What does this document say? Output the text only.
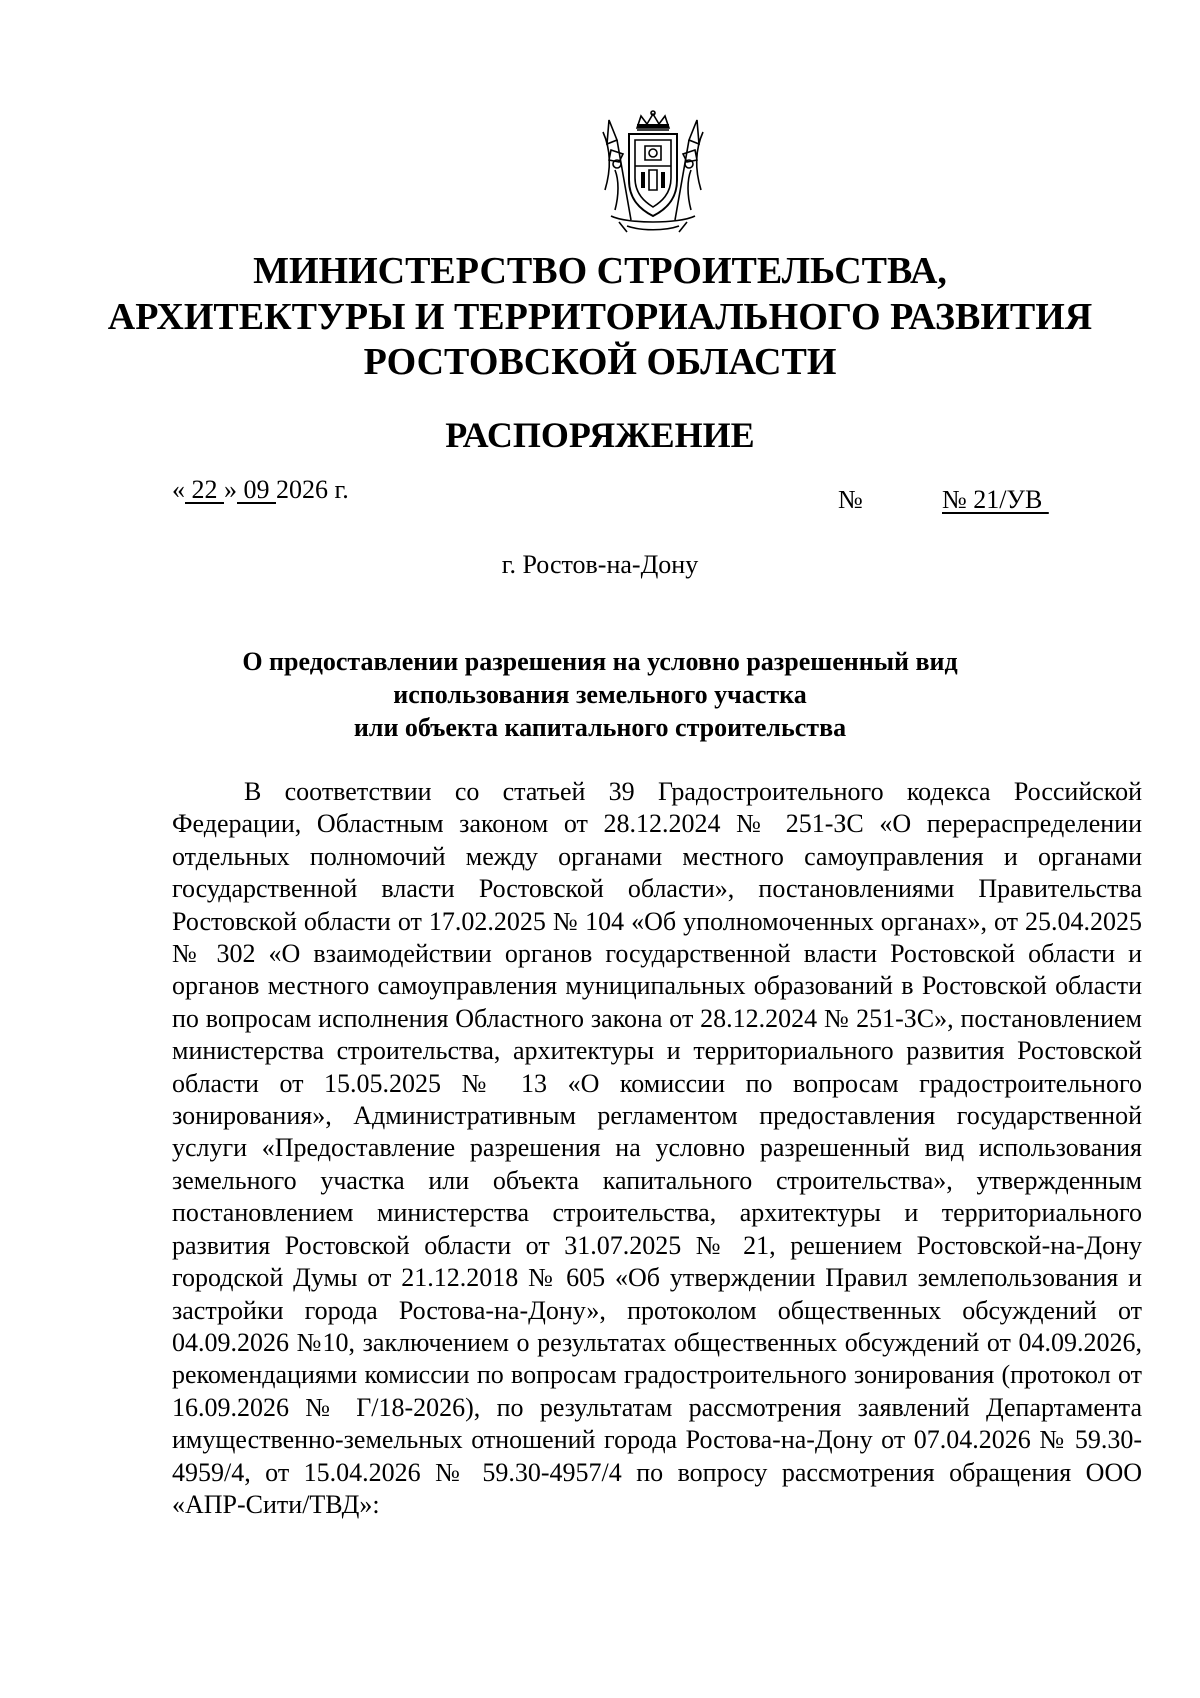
МИНИСТЕРСТВО СТРОИТЕЛЬСТВА,
АРХИТЕКТУРЫ И ТЕРРИТОРИАЛЬНОГО РАЗВИТИЯ
РОСТОВСКОЙ ОБЛАСТИ
РАСПОРЯЖЕНИЕ
« 22 » 09 2026 г.	№	№ 21/УВ
г. Ростов-на-Дону
О предоставлении разрешения на условно разрешенный вид
использования земельного участка
или объекта капитального строительства
В соответствии со статьей 39 Градостроительного кодекса Российской Федерации, Областным законом от 28.12.2024 № 251-ЗС «О перераспределении отдельных полномочий между органами местного самоуправления и органами государственной власти Ростовской области», постановлениями Правительства Ростовской области от 17.02.2025 № 104 «Об уполномоченных органах», от 25.04.2025 № 302 «О взаимодействии органов государственной власти Ростовской области и органов местного самоуправления муниципальных образований в Ростовской области по вопросам исполнения Областного закона от 28.12.2024 № 251-ЗС», постановлением министерства строительства, архитектуры и территориального развития Ростовской области от 15.05.2025 № 13 «О комиссии по вопросам градостроительного зонирования», Административным регламентом предоставления государственной услуги «Предоставление разрешения на условно разрешенный вид использования земельного участка или объекта капитального строительства», утвержденным постановлением министерства строительства, архитектуры и территориального развития Ростовской области от 31.07.2025 № 21, решением Ростовской-на-Дону городской Думы от 21.12.2018 № 605 «Об утверждении Правил землепользования и застройки города Ростова-на-Дону», протоколом общественных обсуждений от 04.09.2026 №10, заключением о результатах общественных обсуждений от 04.09.2026, рекомендациями комиссии по вопросам градостроительного зонирования (протокол от 16.09.2026 № Г/18-2026), по результатам рассмотрения заявлений Департамента имущественно-земельных отношений города Ростова-на-Дону от 07.04.2026 № 59.30-4959/4, от 15.04.2026 № 59.30-4957/4 по вопросу рассмотрения обращения ООО «АПР-Сити/ТВД»:
